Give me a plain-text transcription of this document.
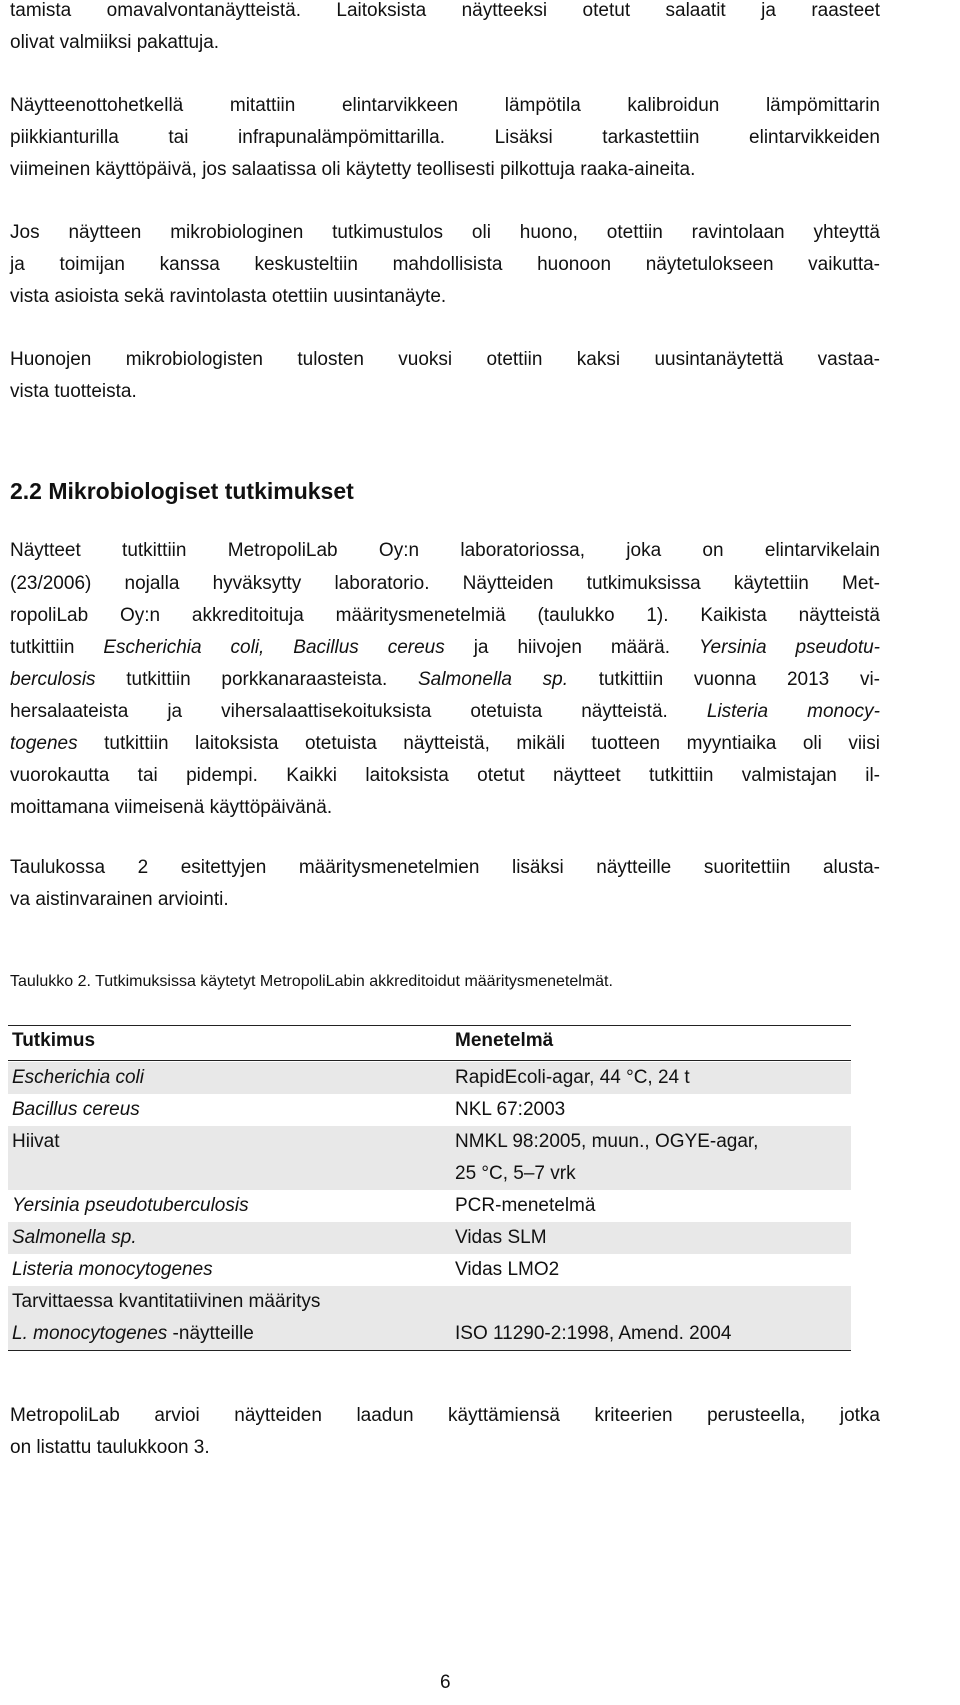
tamista omavalvontanäytteistä. Laitoksista näytteeksi otetut salaatit ja raasteet
olivat valmiiksi pakattuja.
Näytteenottohetkellä mitattiin elintarvikkeen lämpötila kalibroidun lämpömittarin
piikkianturilla tai infrapunalämpömittarilla. Lisäksi tarkastettiin elintarvikkeiden
viimeinen käyttöpäivä, jos salaatissa oli käytetty teollisesti pilkottuja raaka-aineita.
Jos näytteen mikrobiologinen tutkimustulos oli huono, otettiin ravintolaan yhteyttä
ja toimijan kanssa keskusteltiin mahdollisista huonoon näytetulokseen vaikutta-
vista asioista sekä ravintolasta otettiin uusintanäyte.
Huonojen mikrobiologisten tulosten vuoksi otettiin kaksi uusintanäytettä vastaa-
vista tuotteista.
2.2 Mikrobiologiset tutkimukset
Näytteet tutkittiin MetropoliLab Oy:n laboratoriossa, joka on elintarvikelain
(23/2006) nojalla hyväksytty laboratorio. Näytteiden tutkimuksissa käytettiin Met-
ropoliLab Oy:n akkreditoituja määritysmenetelmiä (taulukko 1). Kaikista näytteistä
tutkittiin Escherichia coli, Bacillus cereus ja hiivojen määrä. Yersinia pseudotu-
berculosis tutkittiin porkkanaraasteista. Salmonella sp. tutkittiin vuonna 2013 vi-
hersalaateista ja vihersalaattisekoituksista otetuista näytteistä. Listeria monocy-
togenes tutkittiin laitoksista otetuista näytteistä, mikäli tuotteen myyntiaika oli viisi
vuorokautta tai pidempi. Kaikki laitoksista otetut näytteet tutkittiin valmistajan il-
moittamana viimeisenä käyttöpäivänä.
Taulukossa 2 esitettyjen määritysmenetelmien lisäksi näytteille suoritettiin alusta-
va aistinvarainen arviointi.
Taulukko 2. Tutkimuksissa käytetyt MetropoliLabin akkreditoidut määritysmenetelmät.
Tutkimus	Menetelmä
Escherichia coli	RapidEcoli-agar, 44 °C, 24 t
Bacillus cereus	NKL 67:2003
Hiivat	NMKL 98:2005, muun., OGYE-agar,
25 °C, 5–7 vrk
Yersinia pseudotuberculosis	PCR-menetelmä
Salmonella sp.	Vidas SLM
Listeria monocytogenes	Vidas LMO2
Tarvittaessa kvantitatiivinen määritys
L. monocytogenes -näytteille	ISO 11290-2:1998, Amend. 2004
MetropoliLab arvioi näytteiden laadun käyttämiensä kriteerien perusteella, jotka
on listattu taulukkoon 3.
6
